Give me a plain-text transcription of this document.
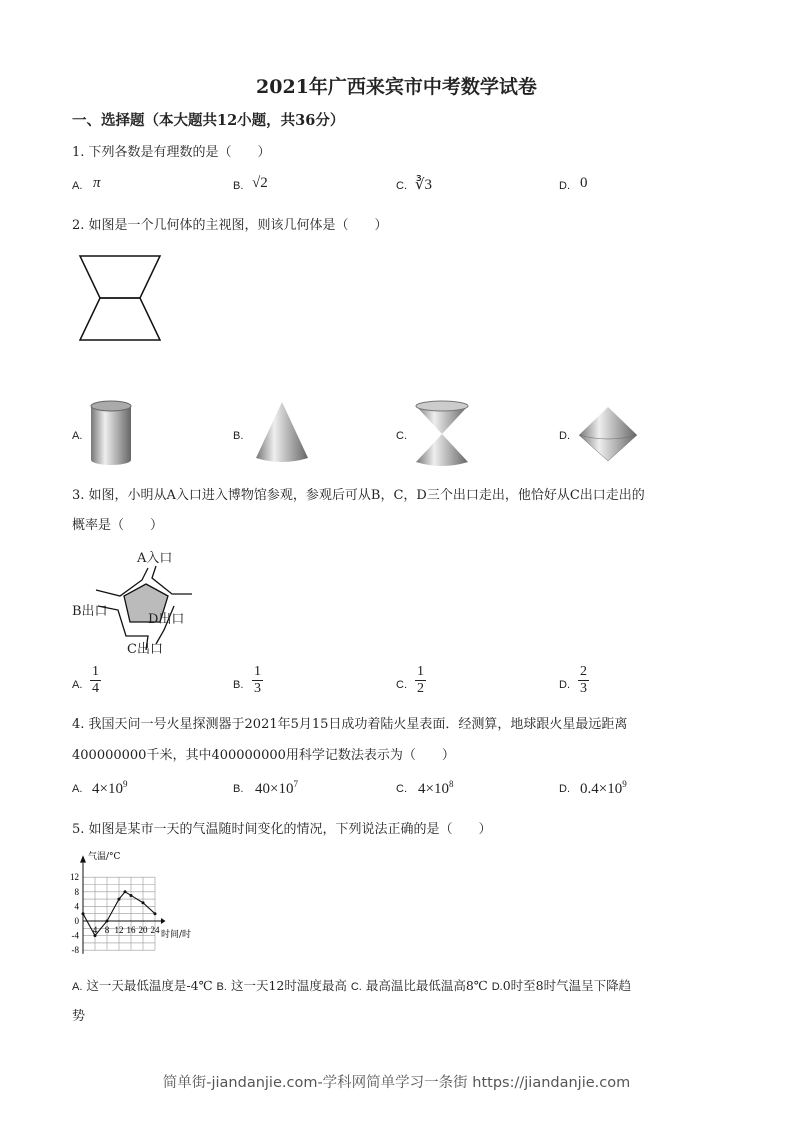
2021年广西来宾市中考数学试卷
一、选择题（本大题共12小题，共36分）
1. 下列各数是有理数的是（　　）
A. π	B. √2	C. ∛3	D. 0
2. 如图是一个几何体的主视图，则该几何体是（　　）
A.	B.	C.	D.
3. 如图，小明从A入口进入博物馆参观，参观后可从B，C，D三个出口走出，他恰好从C出口走出的
概率是（　　）
A入口
B出口
D出口
C出口
A. $\frac{1}{4}$	B. $\frac{1}{3}$	C. $\frac{1}{2}$	D. $\frac{2}{3}$
4. 我国天问一号火星探测器于2021年5月15日成功着陆火星表面．经测算，地球跟火星最远距离
400000000千米，其中400000000用科学记数法表示为（　　）
A. $4\times 10^9$	B. $40\times 10^7$	C. $4\times 10^8$	D. $0.4\times 10^9$
5. 如图是某市一天的气温随时间变化的情况，下列说法正确的是（　　）
12
8
4
0
-4
-8
4 8 12 16 20 24
气温/°C
时间/时
A. 这一天最低温度是-4℃ B. 这一天12时温度最高 C. 最高温比最低温高8℃ D.0时至8时气温呈下降趋
势
简单街-jiandanjie.com-学科网简单学习一条街 https://jiandanjie.com
